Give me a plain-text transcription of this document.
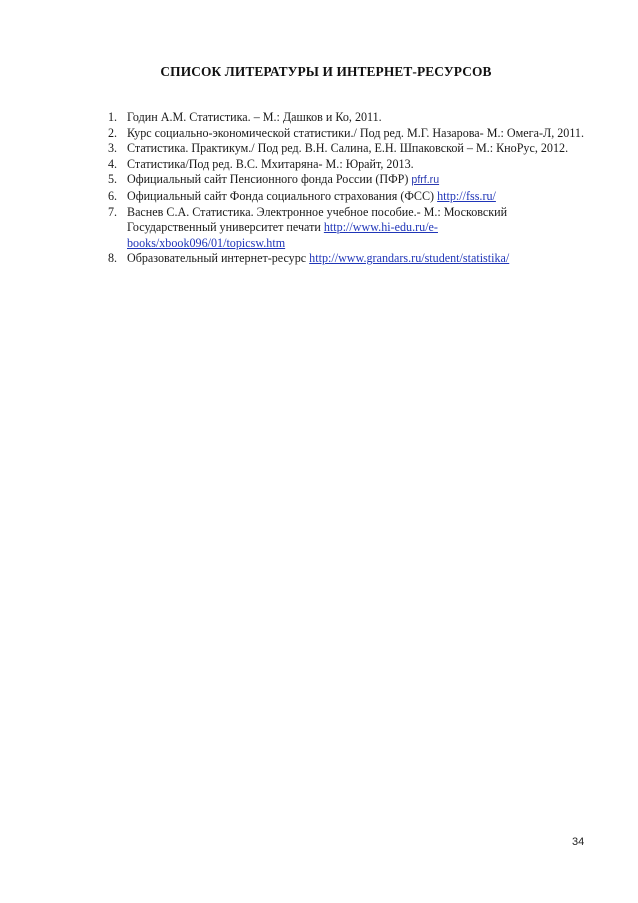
СПИСОК ЛИТЕРАТУРЫ И ИНТЕРНЕТ-РЕСУРСОВ
1. Годин А.М. Статистика. – М.: Дашков и Ко, 2011.
2. Курс социально-экономической статистики./ Под ред. М.Г. Назарова- М.: Омега-Л, 2011.
3. Статистика. Практикум./ Под ред. В.Н. Салина, Е.Н. Шпаковской – М.: КноРус, 2012.
4. Статистика/Под ред. В.С. Мхитаряна- М.: Юрайт, 2013.
5. Официальный сайт Пенсионного фонда России (ПФР) pfrf.ru
6. Официальный сайт Фонда социального страхования (ФСС) http://fss.ru/
7. Васнев С.А. Статистика. Электронное учебное пособие.- М.: Московский Государственный университет печати http://www.hi-edu.ru/e-books/xbook096/01/topicsw.htm
8. Образовательный интернет-ресурс http://www.grandars.ru/student/statistika/
34
